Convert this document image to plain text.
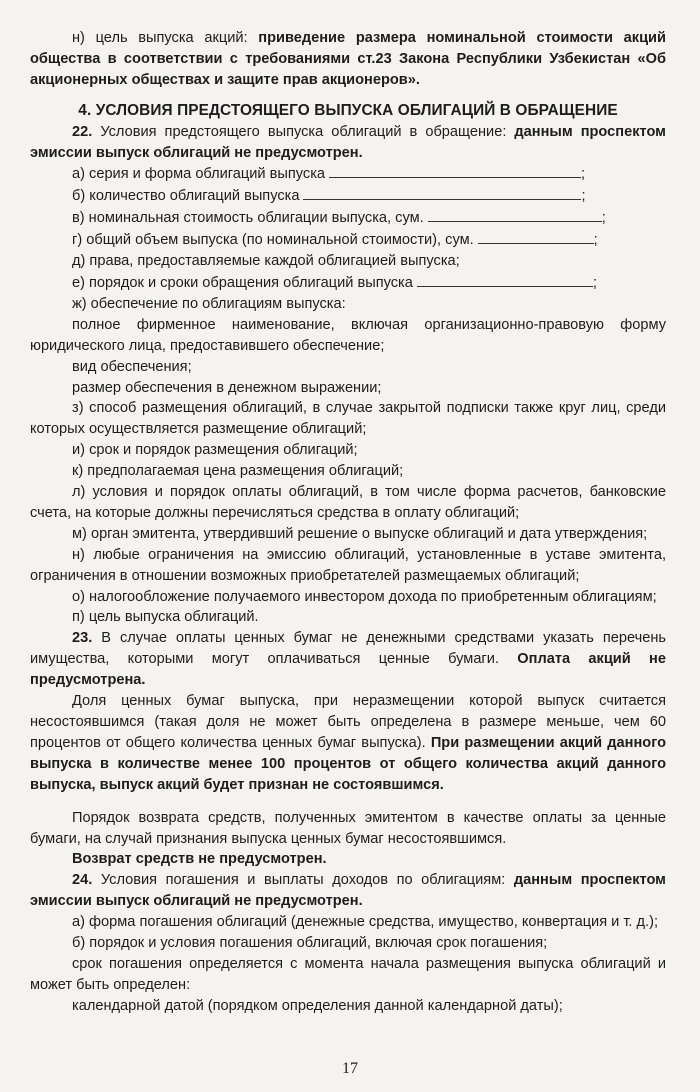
н) цель выпуска акций: приведение размера номинальной стоимости акций общества в соответствии с требованиями ст.23 Закона Республики Узбекистан «Об акционерных обществах и защите прав акционеров».

4. УСЛОВИЯ ПРЕДСТОЯЩЕГО ВЫПУСКА ОБЛИГАЦИЙ В ОБРАЩЕНИЕ

22. Условия предстоящего выпуска облигаций в обращение: данным проспектом эмиссии выпуск облигаций не предусмотрен.

а) серия и форма облигаций выпуска	;

б) количество облигаций выпуска	;

в) номинальная стоимость облигации выпуска, сум.	;

г) общий объем выпуска (по номинальной стоимости), сум.	;

д) права, предоставляемые каждой облигацией выпуска;

е) порядок и сроки обращения облигаций выпуска	;

ж) обеспечение по облигациям выпуска:

полное фирменное наименование, включая организационно-правовую форму юридического лица, предоставившего обеспечение;

вид обеспечения;

размер обеспечения в денежном выражении;

з) способ размещения облигаций, в случае закрытой подписки также круг лиц, среди которых осуществляется размещение облигаций;

и) срок и порядок размещения облигаций;

к) предполагаемая цена размещения облигаций;

л) условия и порядок оплаты облигаций, в том числе форма расчетов, банковские счета, на которые должны перечисляться средства в оплату облигаций;

м) орган эмитента, утвердивший решение о выпуске облигаций и дата утверждения;

н) любые ограничения на эмиссию облигаций, установленные в уставе эмитента, ограничения в отношении возможных приобретателей размещаемых облигаций;

о) налогообложение получаемого инвестором дохода по приобретенным облигациям;

п) цель выпуска облигаций.

23. В случае оплаты ценных бумаг не денежными средствами указать перечень имущества, которыми могут оплачиваться ценные бумаги. Оплата акций не предусмотрена.

Доля ценных бумаг выпуска, при неразмещении которой выпуск считается несостоявшимся (такая доля не может быть определена в размере меньше, чем 60 процентов от общего количества ценных бумаг выпуска). При размещении акций данного выпуска в количестве менее 100 процентов от общего количества акций данного выпуска, выпуск акций будет признан не состоявшимся.

Порядок возврата средств, полученных эмитентом в качестве оплаты за ценные бумаги, на случай признания выпуска ценных бумаг несостоявшимся.

Возврат средств не предусмотрен.

24. Условия погашения и выплаты доходов по облигациям: данным проспектом эмиссии выпуск облигаций не предусмотрен.

а) форма погашения облигаций (денежные средства, имущество, конвертация и т. д.);

б) порядок и условия погашения облигаций, включая срок погашения;

срок погашения определяется с момента начала размещения выпуска облигаций и может быть определен:

календарной датой (порядком определения данной календарной даты);

17
